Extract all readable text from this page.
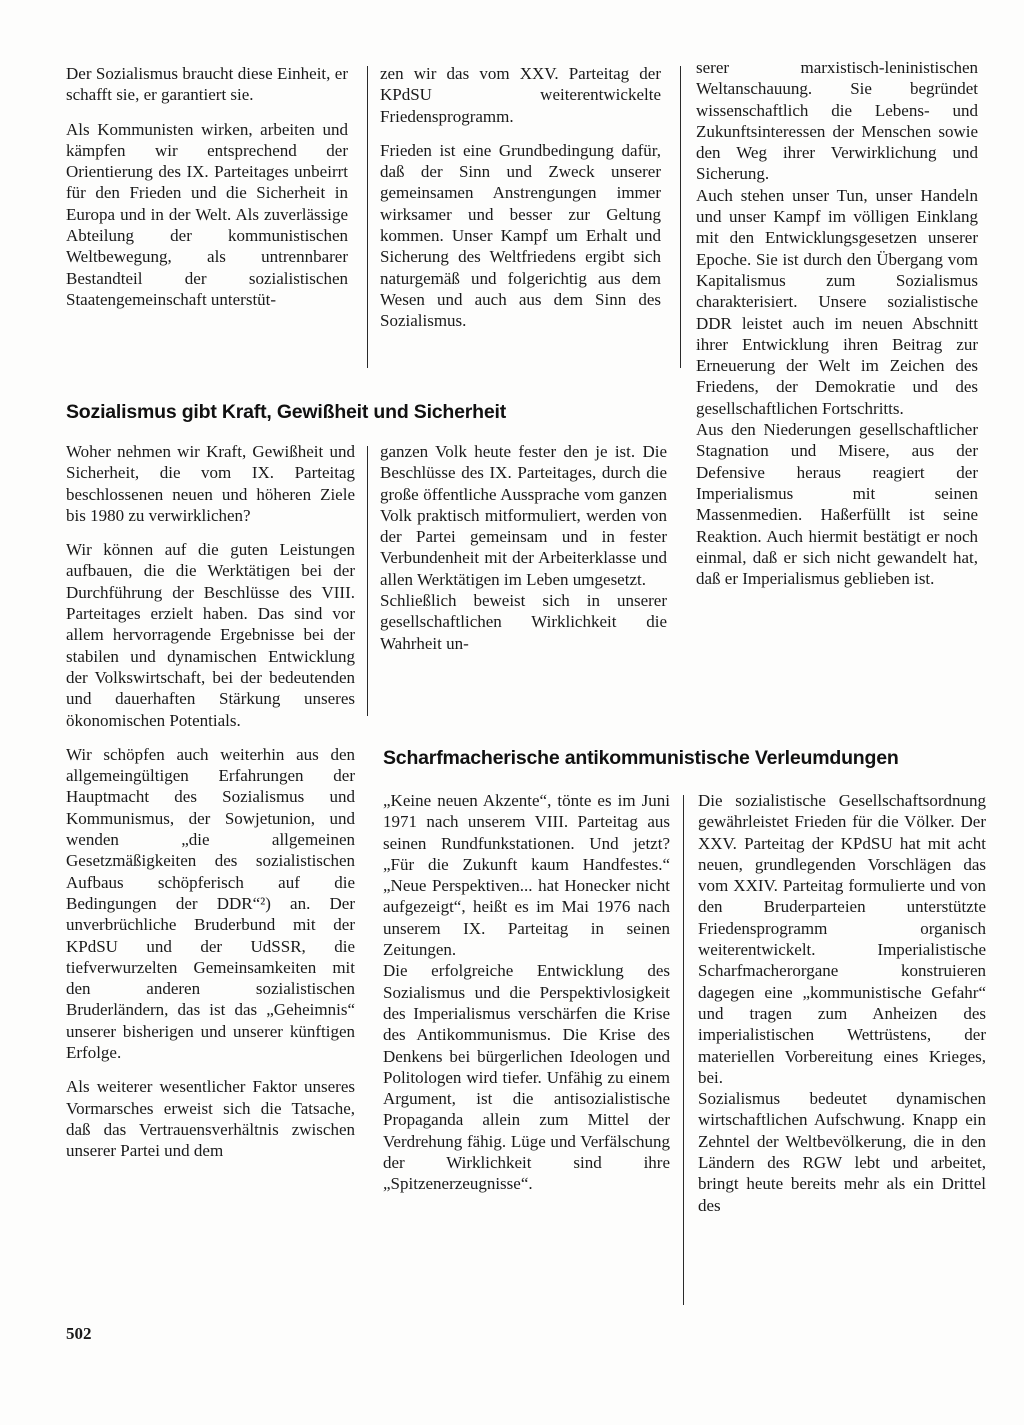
Der Sozialismus braucht diese Einheit, er schafft sie, er garantiert sie.

Als Kommunisten wirken, arbeiten und kämpfen wir entsprechend der Orientierung des IX. Parteitages unbeirrt für den Frieden und die Sicherheit in Europa und in der Welt. Als zuverlässige Abteilung der kommunistischen Weltbewegung, als untrennbarer Bestandteil der sozialistischen Staatengemeinschaft unterstüt-

zen wir das vom XXV. Parteitag der KPdSU weiterentwickelte Friedensprogramm.

Frieden ist eine Grundbedingung dafür, daß der Sinn und Zweck unserer gemeinsamen Anstrengungen immer wirksamer und besser zur Geltung kommen. Unser Kampf um Erhalt und Sicherung des Weltfriedens ergibt sich naturgemäß und folgerichtig aus dem Wesen und auch aus dem Sinn des Sozialismus.

serer marxistisch-leninistischen Weltanschauung. Sie begründet wissenschaftlich die Lebens- und Zukunftsinteressen der Menschen sowie den Weg ihrer Verwirklichung und Sicherung.

Auch stehen unser Tun, unser Handeln und unser Kampf im völligen Einklang mit den Entwicklungsgesetzen unserer Epoche. Sie ist durch den Übergang vom Kapitalismus zum Sozialismus charakterisiert. Unsere sozialistische DDR leistet auch im neuen Abschnitt ihrer Entwicklung ihren Beitrag zur Erneuerung der Welt im Zeichen des Friedens, der Demokratie und des gesellschaftlichen Fortschritts.

Aus den Niederungen gesellschaftlicher Stagnation und Misere, aus der Defensive heraus reagiert der Imperialismus mit seinen Massenmedien. Haßerfüllt ist seine Reaktion. Auch hiermit bestätigt er noch einmal, daß er sich nicht gewandelt hat, daß er Imperialismus geblieben ist.

Sozialismus gibt Kraft, Gewißheit und Sicherheit

Woher nehmen wir Kraft, Gewißheit und Sicherheit, die vom IX. Parteitag beschlossenen neuen und höheren Ziele bis 1980 zu verwirklichen?

Wir können auf die guten Leistungen aufbauen, die die Werktätigen bei der Durchführung der Beschlüsse des VIII. Parteitages erzielt haben. Das sind vor allem hervorragende Ergebnisse bei der stabilen und dynamischen Entwicklung der Volkswirtschaft, bei der bedeutenden und dauerhaften Stärkung unseres ökonomischen Potentials.

Wir schöpfen auch weiterhin aus den allgemeingültigen Erfahrungen der Hauptmacht des Sozialismus und Kommunismus, der Sowjetunion, und wenden „die allgemeinen Gesetzmäßigkeiten des sozialistischen Aufbaus schöpferisch auf die Bedingungen der DDR“²) an. Der unverbrüchliche Bruderbund mit der KPdSU und der UdSSR, die tiefverwurzelten Gemeinsamkeiten mit den anderen sozialistischen Bruderländern, das ist das „Geheimnis“ unserer bisherigen und unserer künftigen Erfolge.

Als weiterer wesentlicher Faktor unseres Vormarsches erweist sich die Tatsache, daß das Vertrauensverhältnis zwischen unserer Partei und dem

ganzen Volk heute fester den je ist. Die Beschlüsse des IX. Parteitages, durch die große öffentliche Aussprache vom ganzen Volk praktisch mitformuliert, werden von der Partei gemeinsam und in fester Verbundenheit mit der Arbeiterklasse und allen Werktätigen im Leben umgesetzt.

Schließlich beweist sich in unserer gesellschaftlichen Wirklichkeit die Wahrheit un-

Scharfmacherische antikommunistische Verleumdungen

„Keine neuen Akzente“, tönte es im Juni 1971 nach unserem VIII. Parteitag aus seinen Rundfunkstationen. Und jetzt? „Für die Zukunft kaum Handfestes.“ „Neue Perspektiven... hat Honecker nicht aufgezeigt“, heißt es im Mai 1976 nach unserem IX. Parteitag in seinen Zeitungen.

Die erfolgreiche Entwicklung des Sozialismus und die Perspektivlosigkeit des Imperialismus verschärfen die Krise des Antikommunismus. Die Krise des Denkens bei bürgerlichen Ideologen und Politologen wird tiefer. Unfähig zu einem Argument, ist die antisozialistische Propaganda allein zum Mittel der Verdrehung fähig. Lüge und Verfälschung der Wirklichkeit sind ihre „Spitzenerzeugnisse“.

Die sozialistische Gesellschaftsordnung gewährleistet Frieden für die Völker. Der XXV. Parteitag der KPdSU hat mit acht neuen, grundlegenden Vorschlägen das vom XXIV. Parteitag formulierte und von den Bruderparteien unterstützte Friedensprogramm organisch weiterentwickelt. Imperialistische Scharfmacherorgane konstruieren dagegen eine „kommunistische Gefahr“ und tragen zum Anheizen des imperialistischen Wettrüstens, der materiellen Vorbereitung eines Krieges, bei.

Sozialismus bedeutet dynamischen wirtschaftlichen Aufschwung. Knapp ein Zehntel der Weltbevölkerung, die in den Ländern des RGW lebt und arbeitet, bringt heute bereits mehr als ein Drittel des

502
